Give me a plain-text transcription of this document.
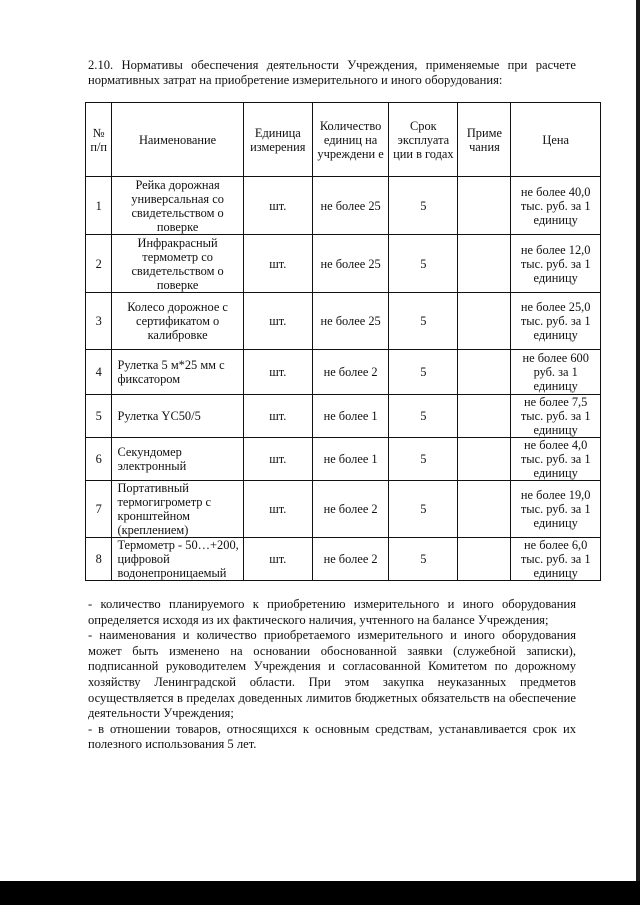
2.10. Нормативы обеспечения деятельности Учреждения, применяемые при расчете
нормативных затрат на приобретение измерительного и иного оборудования:
№ п/п	Наименование	Единица измерения	Количество единиц на учреждени е	Срок эксплуата ции в годах	Приме чания	Цена
1	Рейка дорожная универсальная со свидетельством о поверке	шт.	не более 25	5		не более 40,0 тыс. руб. за 1 единицу
2	Инфракрасный термометр со свидетельством о поверке	шт.	не более 25	5		не более 12,0 тыс. руб. за 1 единицу
3	Колесо дорожное с сертификатом о калибровке	шт.	не более 25	5		не более 25,0 тыс. руб. за 1 единицу
4	Рулетка 5 м*25 мм с фиксатором	шт.	не более 2	5		не более 600 руб. за 1 единицу
5	Рулетка YC50/5	шт.	не более 1	5		не более 7,5 тыс. руб. за 1 единицу
6	Секундомер электронный	шт.	не более 1	5		не более 4,0 тыс. руб. за 1 единицу
7	Портативный термогигрометр с кронштейном (креплением)	шт.	не более 2	5		не более 19,0 тыс. руб. за 1 единицу
8	Термометр - 50…+200, цифровой водонепроницаемый	шт.	не более 2	5		не более 6,0 тыс. руб. за 1 единицу

- количество планируемого к приобретению измерительного и иного оборудования определяется исходя из их фактического наличия, учтенного на балансе Учреждения;

- наименования и количество приобретаемого измерительного и иного оборудования может быть изменено на основании обоснованной заявки (служебной записки), подписанной руководителем Учреждения и согласованной Комитетом по дорожному хозяйству Ленинградской области. При этом закупка неуказанных предметов осуществляется в пределах доведенных лимитов бюджетных обязательств на обеспечение деятельности Учреждения;

- в отношении товаров, относящихся к основным средствам, устанавливается срок их полезного использования 5 лет.
